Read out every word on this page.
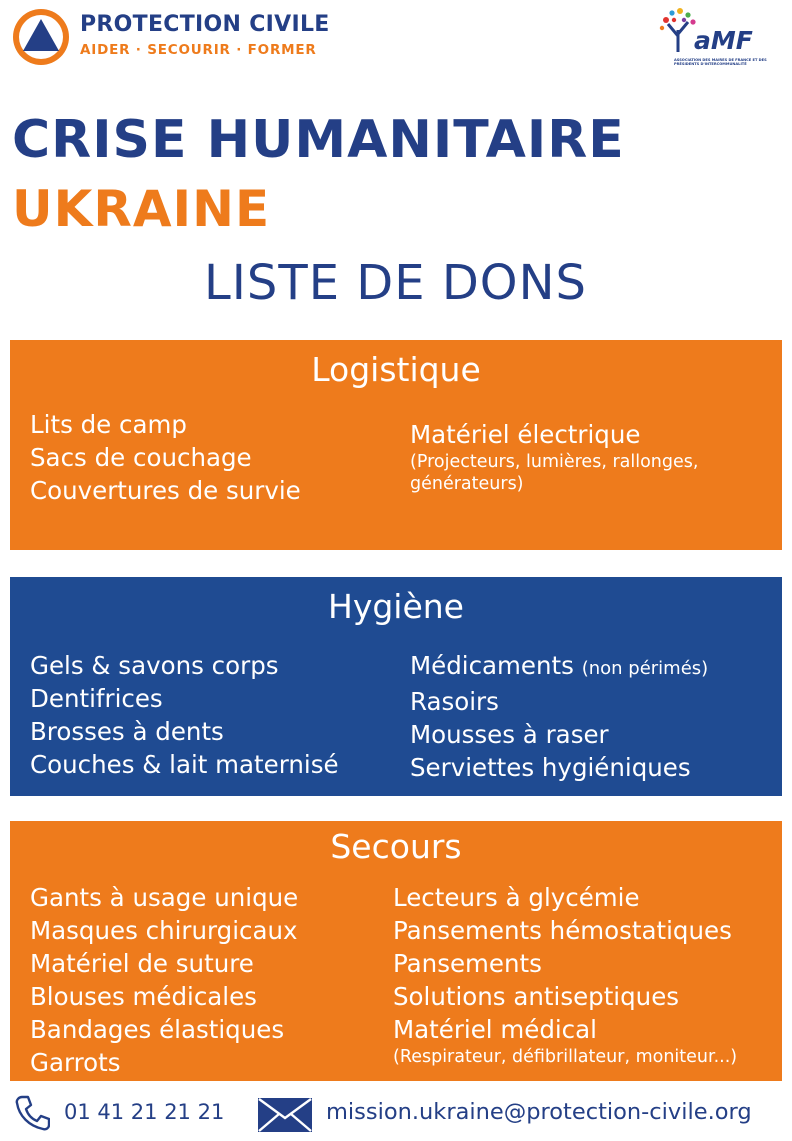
PROTECTION CIVILE
AIDER · SECOURIR · FORMER	aMF
ASSOCIATION DES MAIRES DE FRANCE ET DES PRÉSIDENTS D'INTERCOMMUNALITÉ
CRISE HUMANITAIRE
UKRAINE
LISTE DE DONS
Logistique
Lits de camp
Sacs de couchage
Couvertures de survie
Matériel électrique
(Projecteurs, lumières, rallonges,
générateurs)
Hygiène
Gels & savons corps
Dentifrices
Brosses à dents
Couches & lait maternisé
Médicaments (non périmés)
Rasoirs
Mousses à raser
Serviettes hygiéniques
Secours
Gants à usage unique
Masques chirurgicaux
Matériel de suture
Blouses médicales
Bandages élastiques
Garrots
Lecteurs à glycémie
Pansements hémostatiques
Pansements
Solutions antiseptiques
Matériel médical
(Respirateur, défibrillateur, moniteur...)
01 41 21 21 21	mission.ukraine@protection-civile.org
